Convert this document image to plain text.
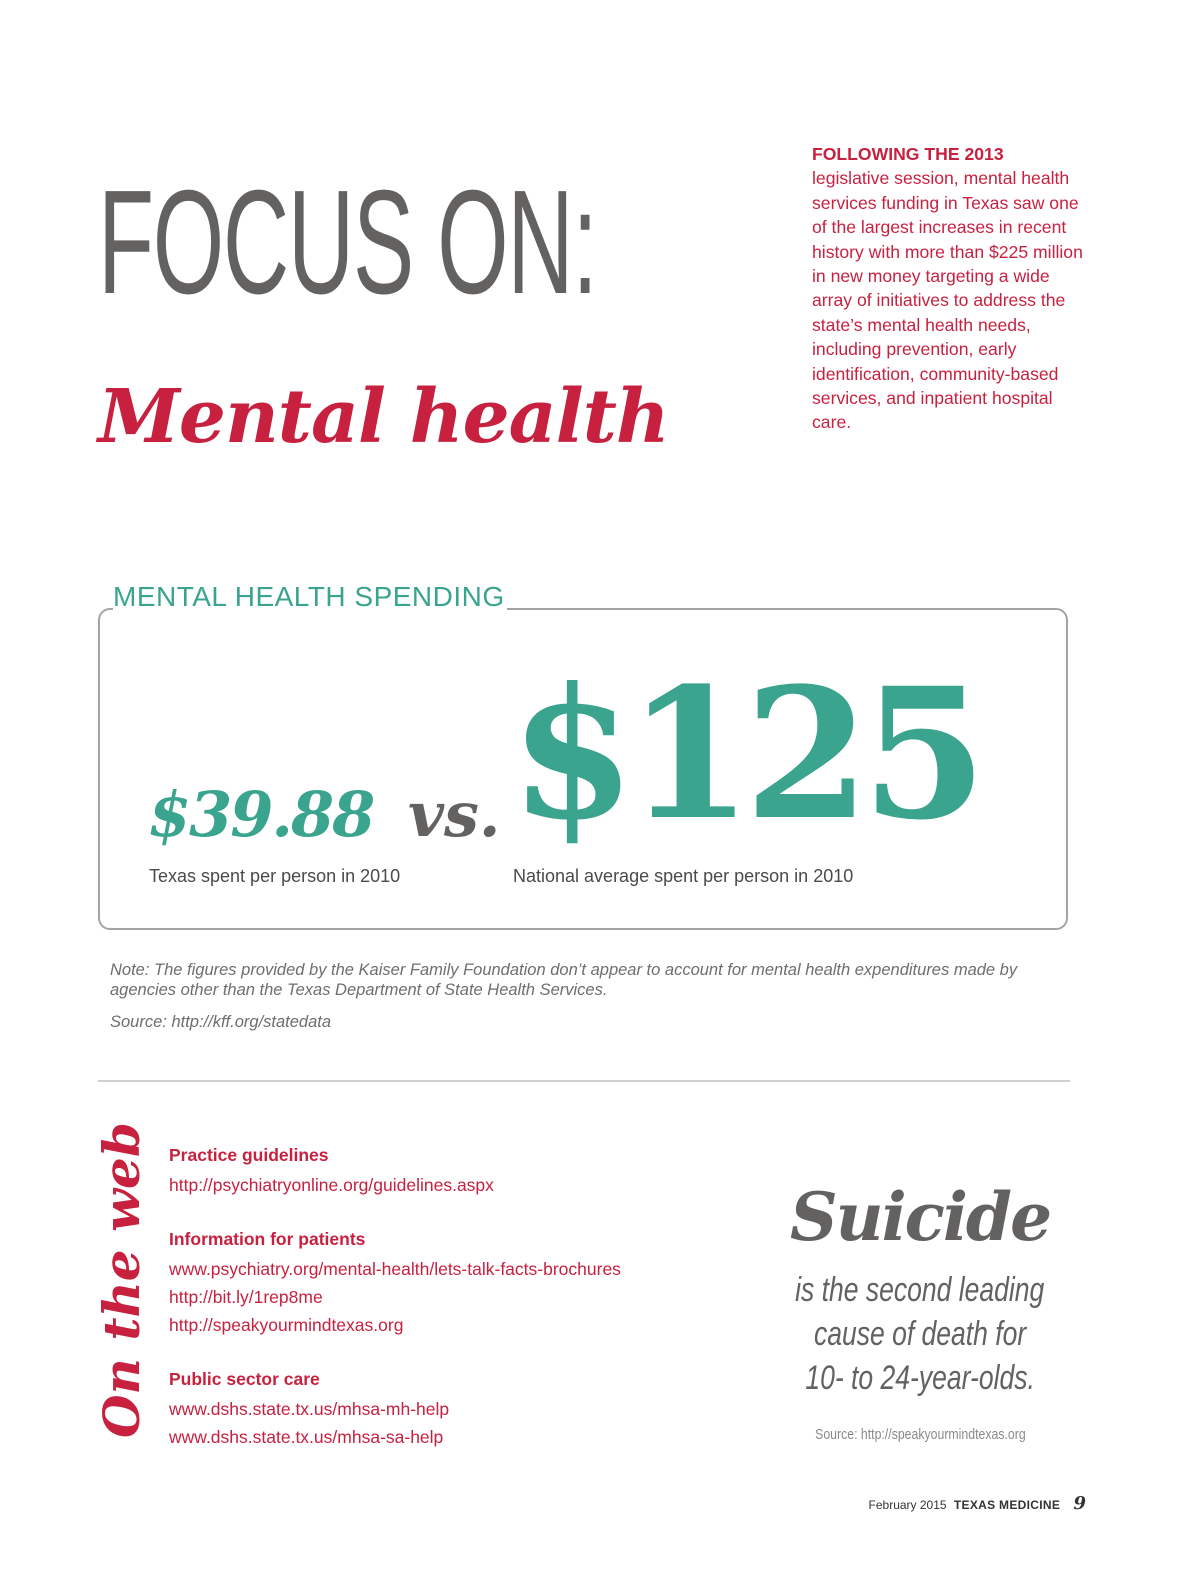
FOCUS ON:
Mental health
FOLLOWING THE 2013
legislative session, mental health services funding in Texas saw one of the largest increases in recent history with more than $225 million in new money targeting a wide array of initiatives to address the state’s mental health needs, including prevention, early identification, community-based services, and inpatient hospital care.
MENTAL HEALTH SPENDING
$39.88 vs. $125
Texas spent per person in 2010	National average spent per person in 2010
Note: The figures provided by the Kaiser Family Foundation don’t appear to account for mental health expenditures made by agencies other than the Texas Department of State Health Services.
Source: http://kff.org/statedata
On the web Practice guidelines
http://psychiatryonline.org/guidelines.aspx
Information for patients
www.psychiatry.org/mental-health/lets-talk-facts-brochures
http://bit.ly/1rep8me
http://speakyourmindtexas.org
Public sector care
www.dshs.state.tx.us/mhsa-mh-help
www.dshs.state.tx.us/mhsa-sa-help
Suicide
is the second leading
cause of death for
10- to 24-year-olds.
Source: http://speakyourmindtexas.org
February 2015 TEXAS MEDICINE 9
